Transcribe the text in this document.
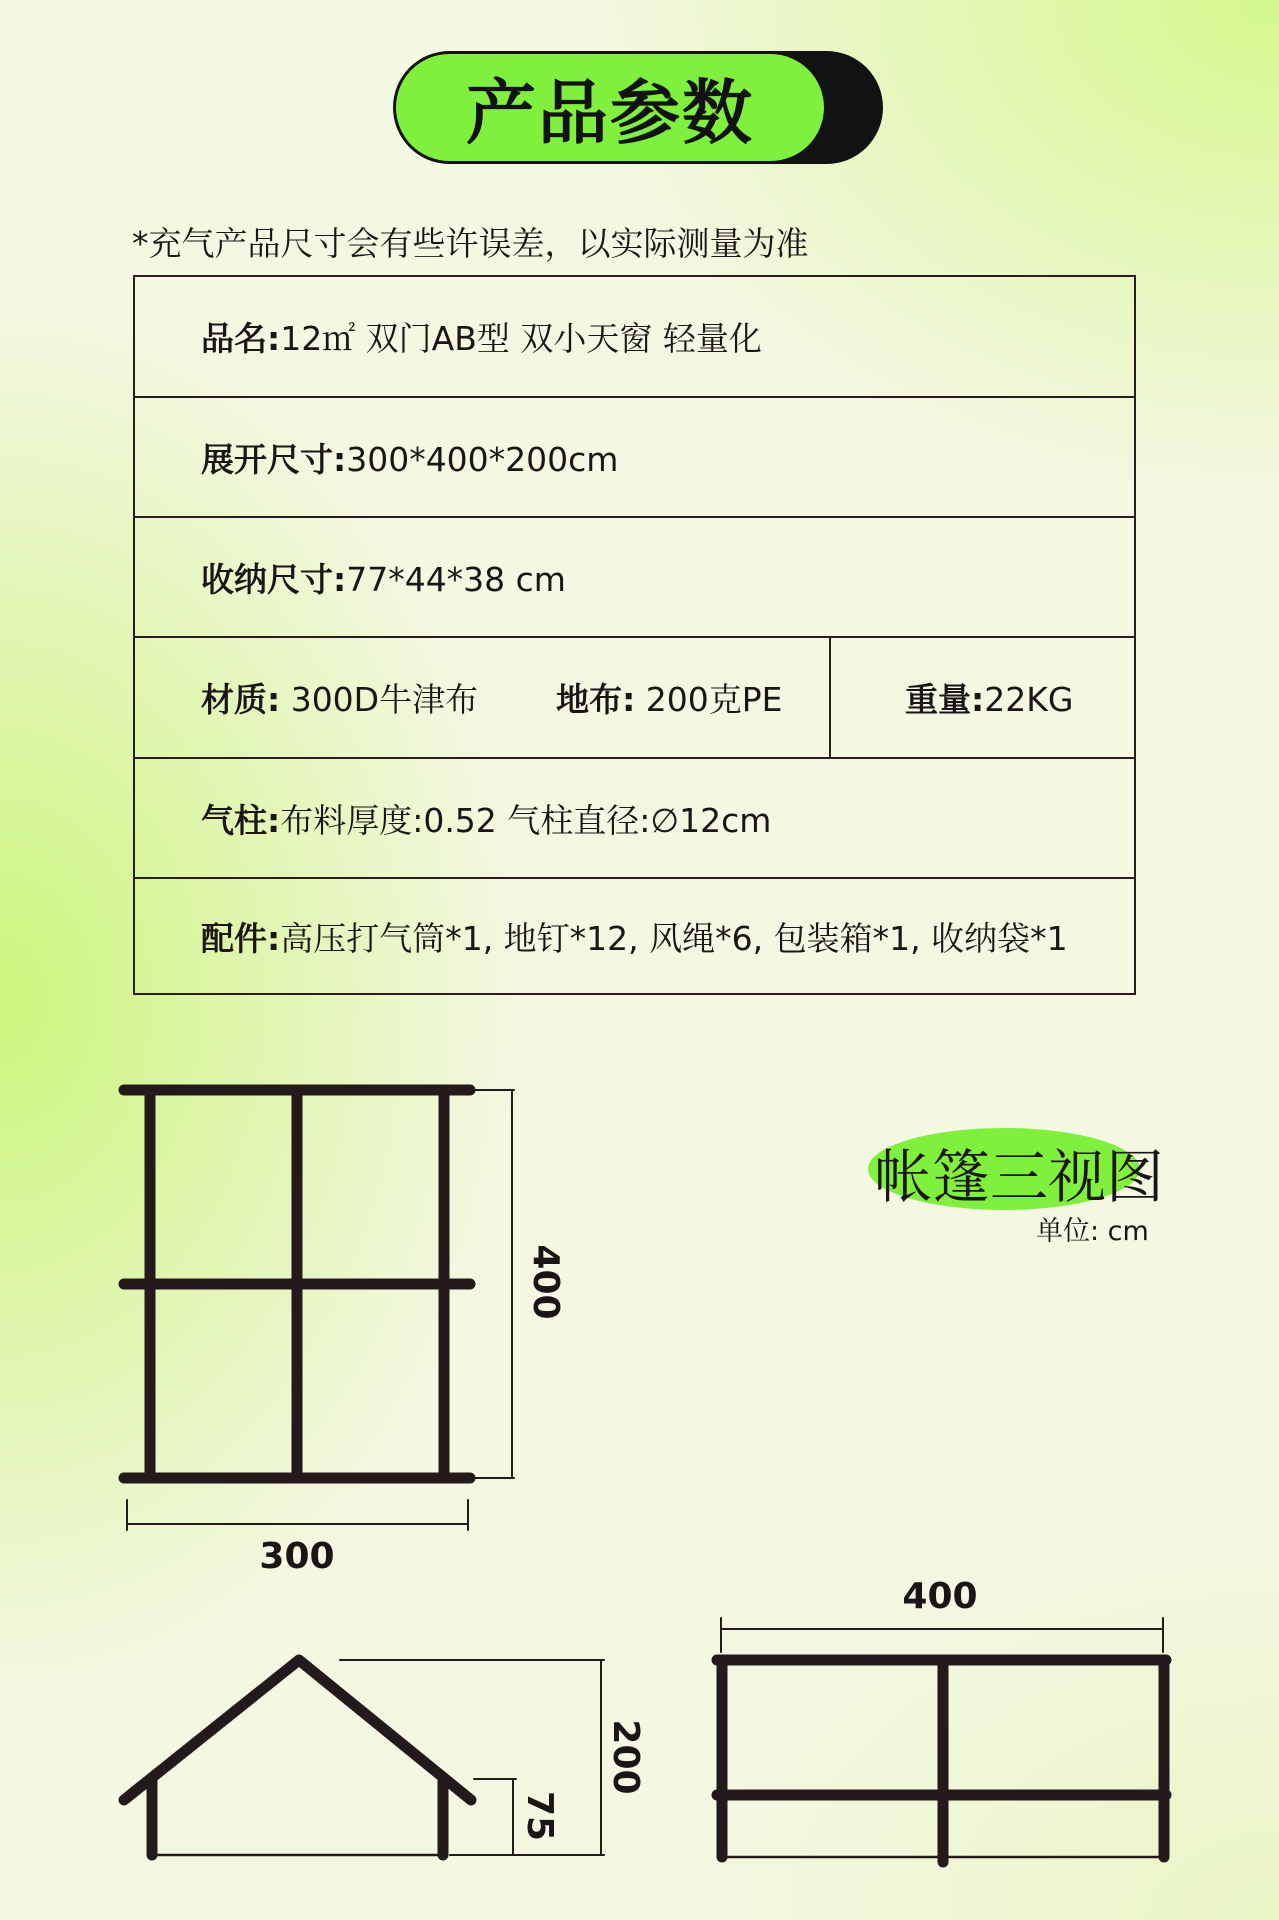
产品参数
*充气产品尺寸会有些许误差，以实际测量为准
品名:12㎡ 双门AB型 双小天窗 轻量化
展开尺寸:300*400*200cm
收纳尺寸:77*44*38 cm
材质: 300D牛津布	地布: 200克PE	重量:22KG
气柱:布料厚度:0.52 气柱直径:∅12cm
配件:高压打气筒*1, 地钉*12, 风绳*6, 包装箱*1, 收纳袋*1
帐篷三视图
单位: cm
300
400
200
75
400
